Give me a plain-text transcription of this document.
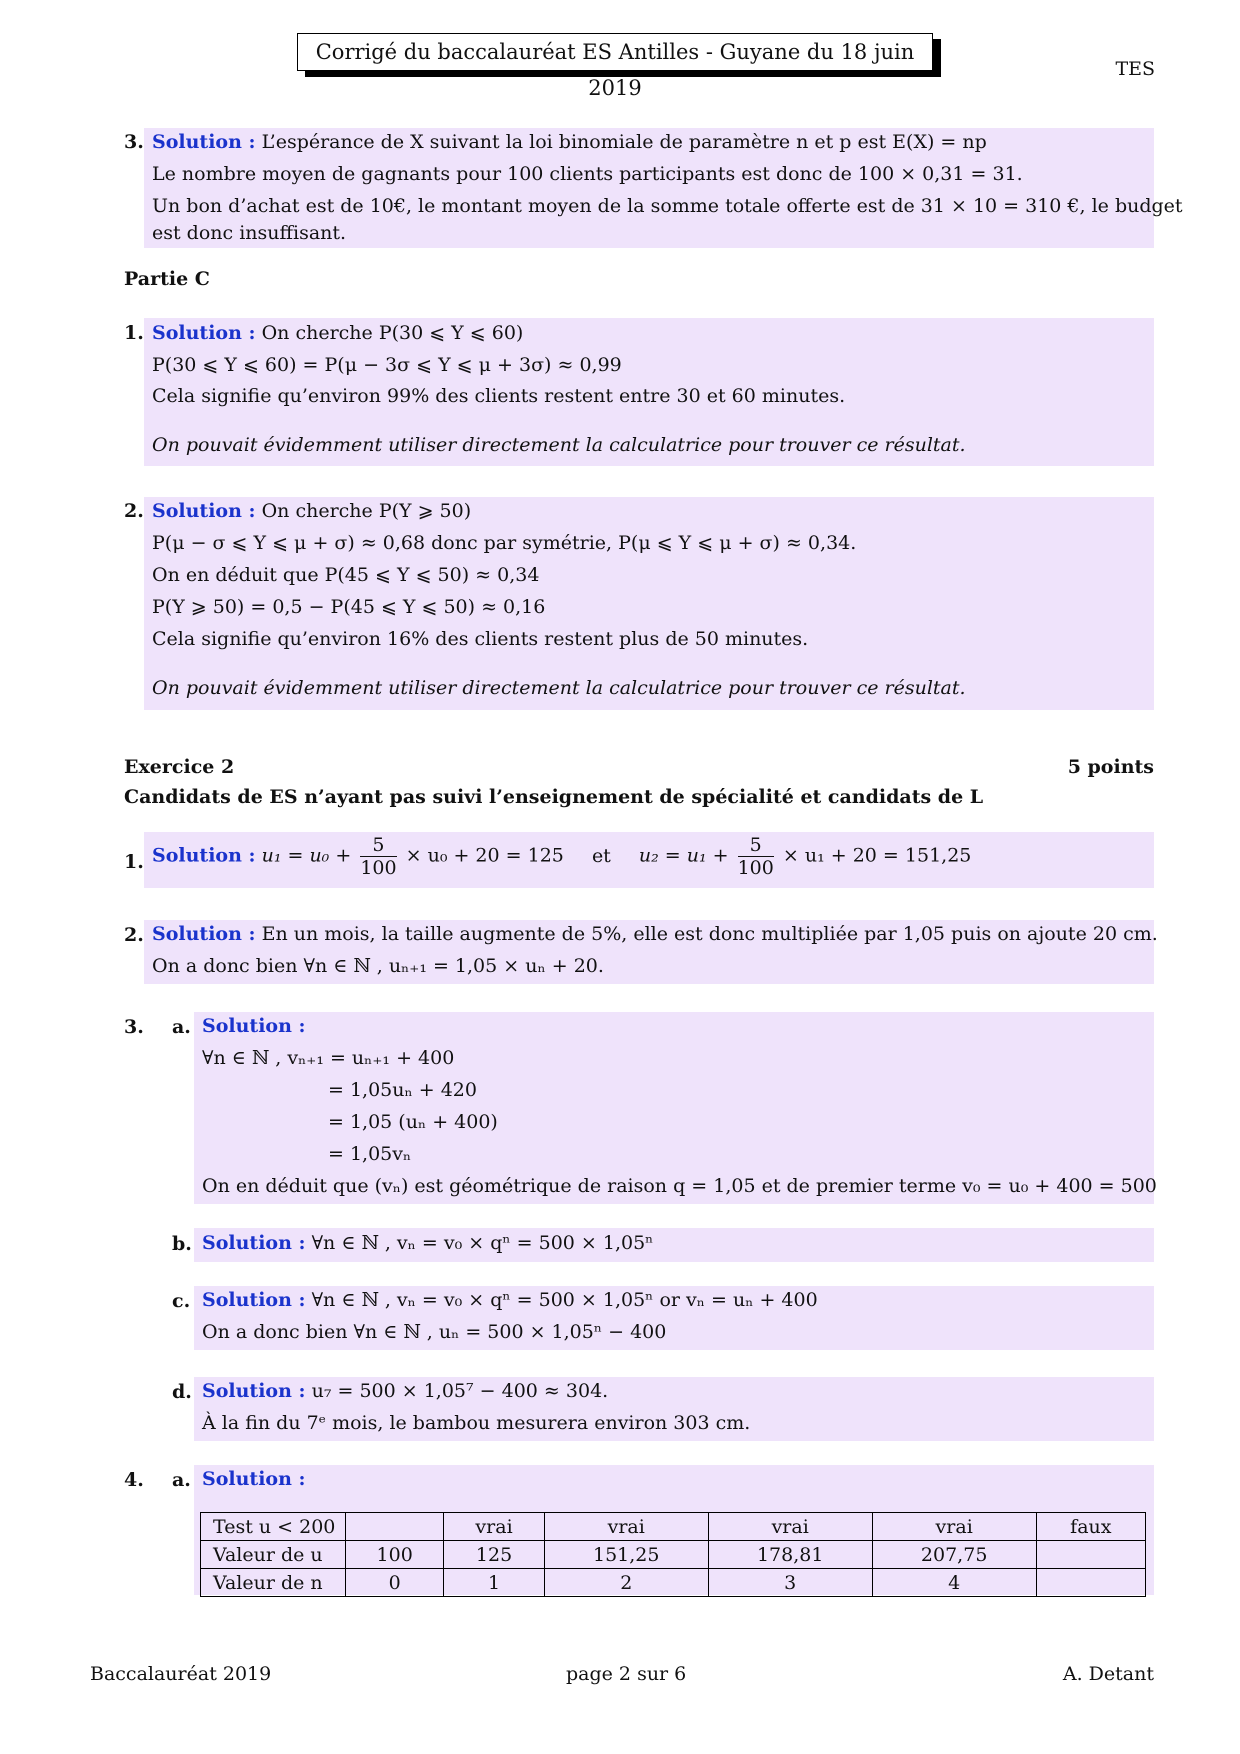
Corrigé du baccalauréat ES Antilles - Guyane du 18 juin 2019
TES
3. Solution : L’espérance de X suivant la loi binomiale de paramètre n et p est E(X) = np
Le nombre moyen de gagnants pour 100 clients participants est donc de 100 × 0,31 = 31.
Un bon d’achat est de 10€, le montant moyen de la somme totale offerte est de 31 × 10 = 310 €, le budget
est donc insuffisant.
Partie C
1. Solution : On cherche P(30 ⩽ Y ⩽ 60)
P(30 ⩽ Y ⩽ 60) = P(μ − 3σ ⩽ Y ⩽ μ + 3σ) ≈ 0,99
Cela signifie qu’environ 99% des clients restent entre 30 et 60 minutes.
On pouvait évidemment utiliser directement la calculatrice pour trouver ce résultat.
2. Solution : On cherche P(Y ⩾ 50)
P(μ − σ ⩽ Y ⩽ μ + σ) ≈ 0,68 donc par symétrie, P(μ ⩽ Y ⩽ μ + σ) ≈ 0,34.
On en déduit que P(45 ⩽ Y ⩽ 50) ≈ 0,34
P(Y ⩾ 50) = 0,5 − P(45 ⩽ Y ⩽ 50) ≈ 0,16
Cela signifie qu’environ 16% des clients restent plus de 50 minutes.
On pouvait évidemment utiliser directement la calculatrice pour trouver ce résultat.
Exercice 2	5 points
Candidats de ES n’ayant pas suivi l’enseignement de spécialité et candidats de L
1. Solution : $u_1 = u_0 + \frac{5}{100} \times u_0 + 20 = 125$ et $u_2 = u_1 + \frac{5}{100} \times u_1 + 20 = 151,25$
2. Solution : En un mois, la taille augmente de 5%, elle est donc multipliée par 1,05 puis on ajoute 20 cm.
On a donc bien ∀n ∈ ℕ , uₙ₊₁ = 1,05 × uₙ + 20.
3. a. Solution :
∀n ∈ ℕ , vₙ₊₁ = uₙ₊₁ + 400
= 1,05uₙ + 420
= 1,05 (uₙ + 400)
= 1,05vₙ
On en déduit que (vₙ) est géométrique de raison q = 1,05 et de premier terme v₀ = u₀ + 400 = 500
b. Solution : ∀n ∈ ℕ , vₙ = v₀ × qⁿ = 500 × 1,05ⁿ
c. Solution : ∀n ∈ ℕ , vₙ = v₀ × qⁿ = 500 × 1,05ⁿ or vₙ = uₙ + 400
On a donc bien ∀n ∈ ℕ , uₙ = 500 × 1,05ⁿ − 400
d. Solution : u₇ = 500 × 1,05⁷ − 400 ≈ 304.
À la fin du 7ᵉ mois, le bambou mesurera environ 303 cm.
4. a. Solution :
Test u < 200		vrai	vrai	vrai	vrai	faux
Valeur de u	100	125	151,25	178,81	207,75	
Valeur de n	0	1	2	3	4	
Baccalauréat 2019	page 2 sur 6	A. Detant
